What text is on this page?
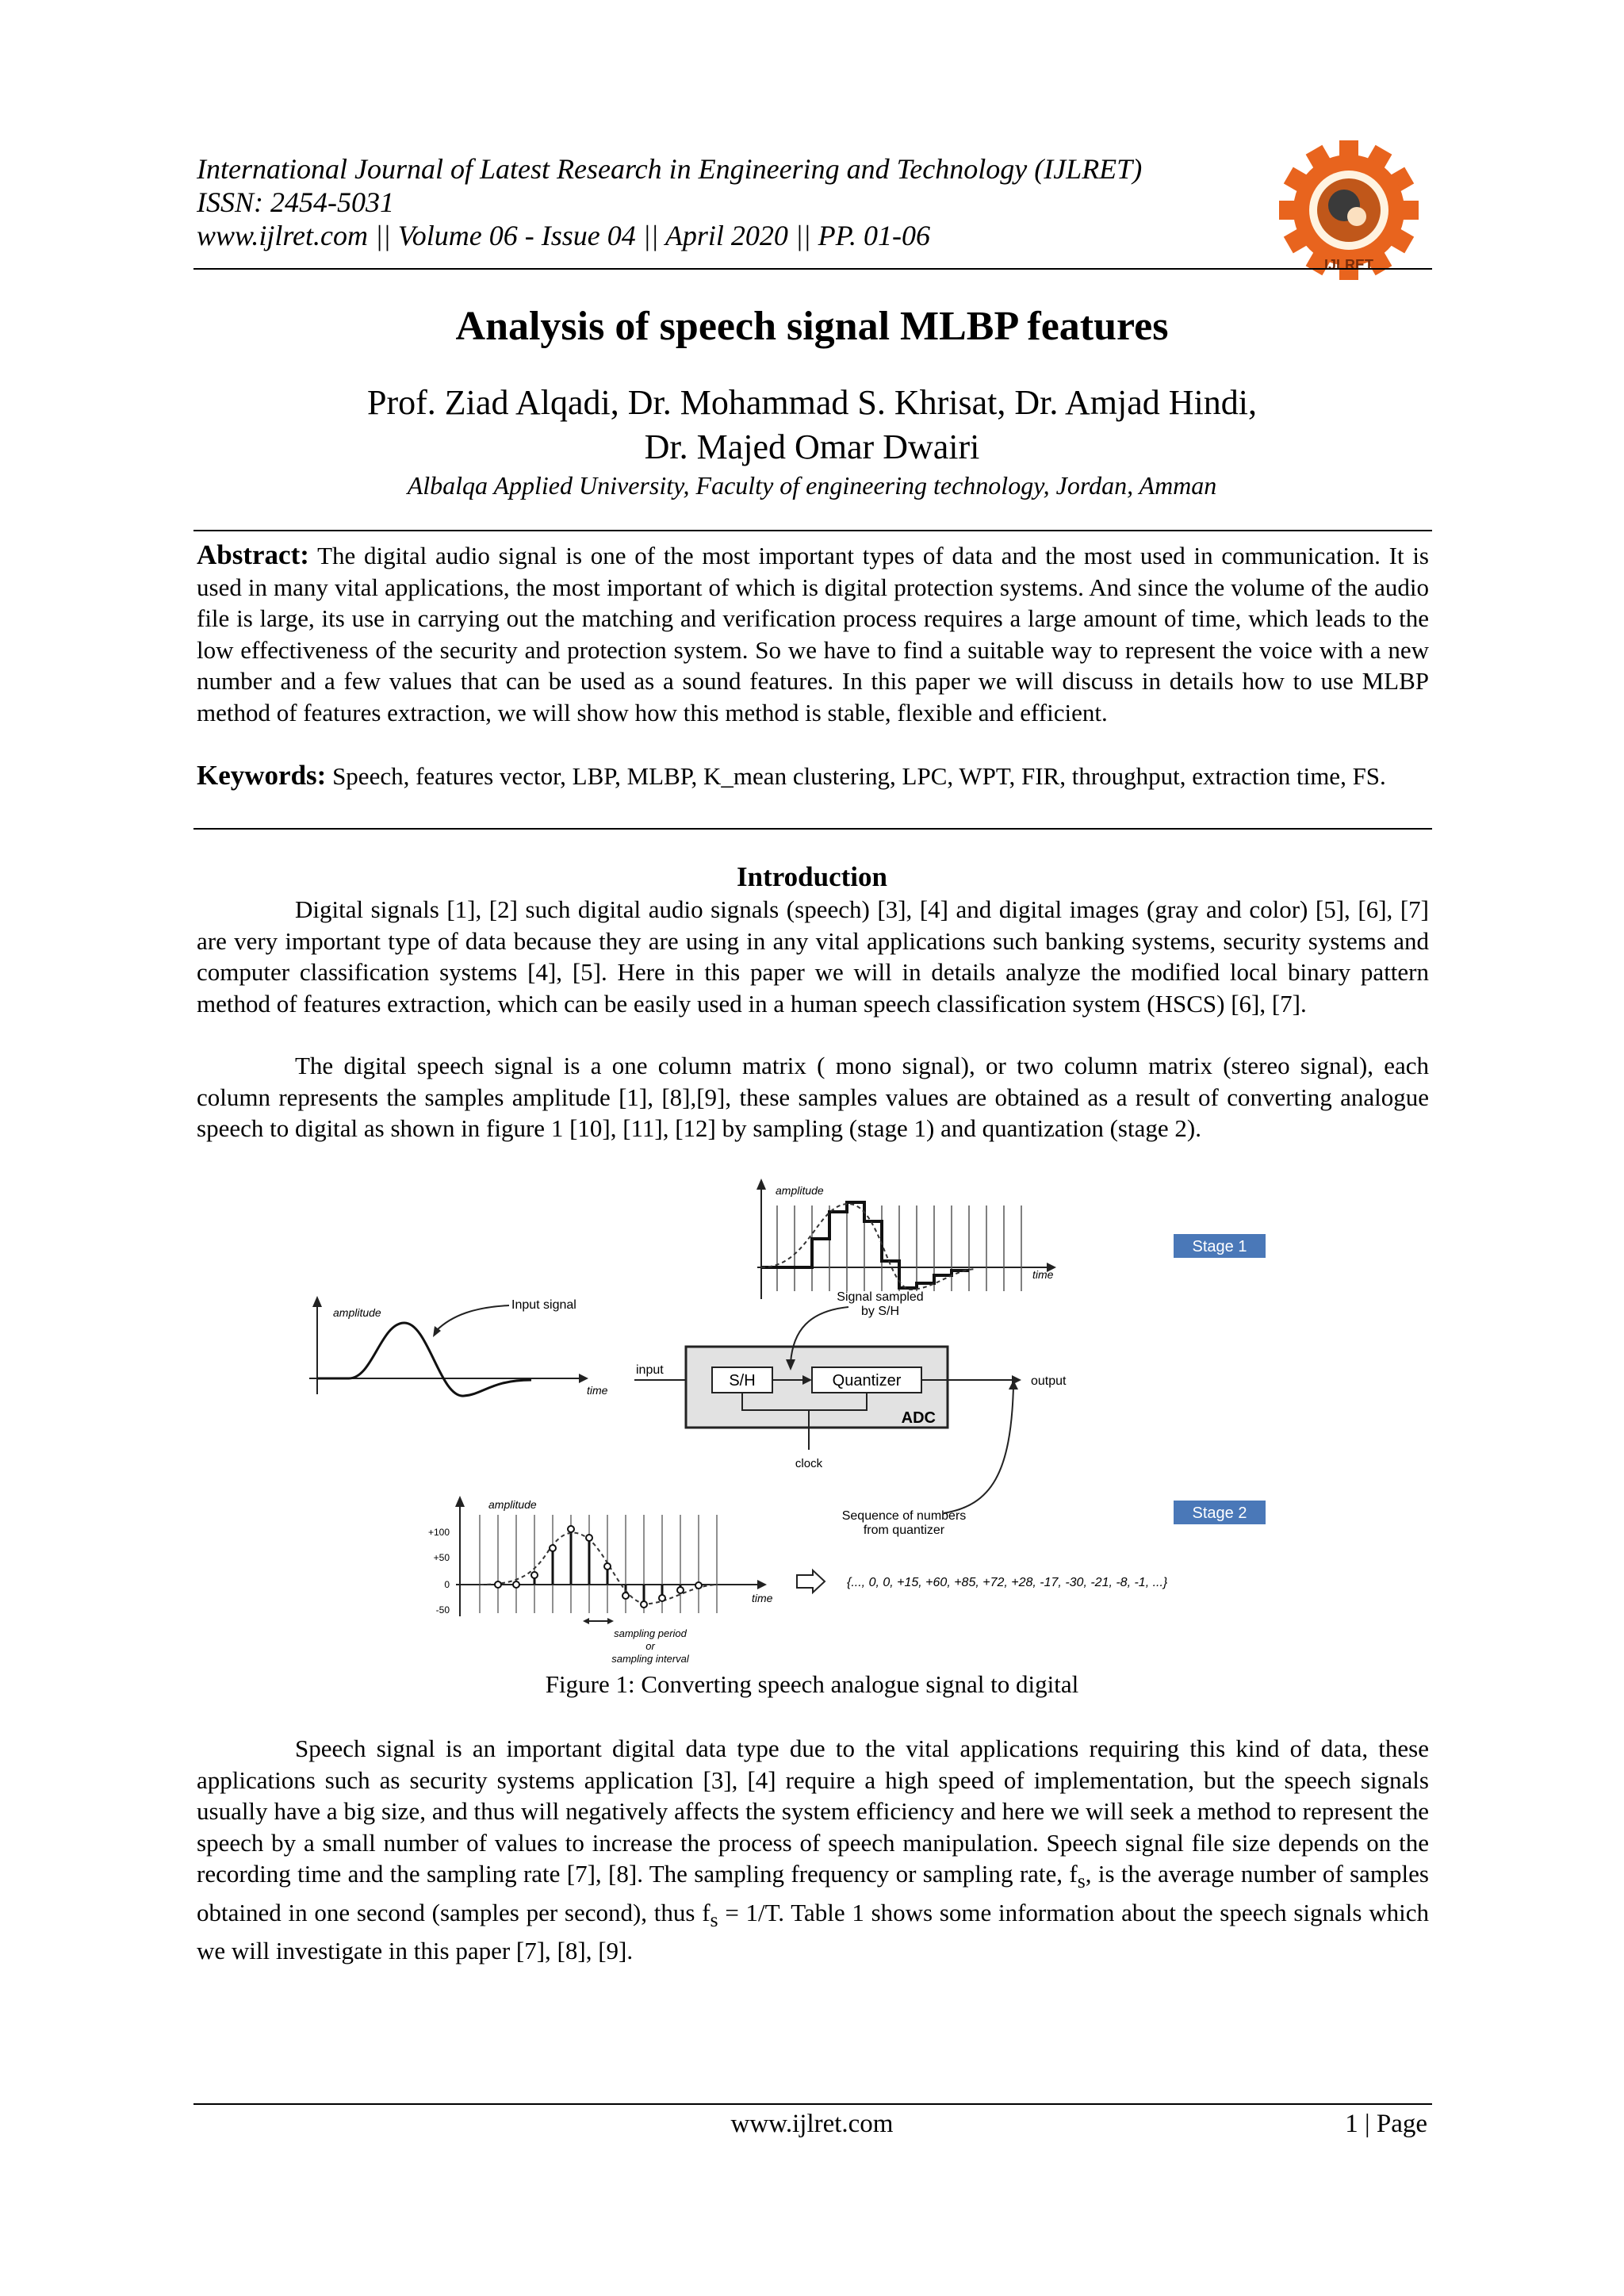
International Journal of Latest Research in Engineering and Technology (IJLRET)
ISSN: 2454-5031
www.ijlret.com || Volume 06 - Issue 04 || April 2020 || PP. 01-06
IJLRET
Analysis of speech signal MLBP features
Prof. Ziad Alqadi, Dr. Mohammad S. Khrisat, Dr. Amjad Hindi,
Dr. Majed Omar Dwairi
Albalqa Applied University, Faculty of engineering technology, Jordan, Amman
Abstract: The digital audio signal is one of the most important types of data and the most used in communication. It is used in many vital applications, the most important of which is digital protection systems. And since the volume of the audio file is large, its use in carrying out the matching and verification process requires a large amount of time, which leads to the low effectiveness of the security and protection system. So we have to find a suitable way to represent the voice with a new number and a few values that can be used as a sound features. In this paper we will discuss in details how to use MLBP method of features extraction, we will show how this method is stable, flexible and efficient.
Keywords: Speech, features vector, LBP, MLBP, K_mean clustering, LPC, WPT, FIR, throughput, extraction time, FS.
Introduction
Digital signals [1], [2] such digital audio signals (speech) [3], [4] and digital images (gray and color) [5], [6], [7] are very important type of data because they are using in any vital applications such banking systems, security systems and computer classification systems [4], [5]. Here in this paper we will in details analyze the modified local binary pattern method of features extraction, which can be easily used in a human speech classification system (HSCS) [6], [7].
The digital speech signal is a one column matrix ( mono signal), or two column matrix (stereo signal), each column represents the samples amplitude [1], [8],[9], these samples values are obtained as a result of converting analogue speech to digital as shown in figure 1 [10], [11], [12] by sampling (stage 1) and quantization (stage 2).
amplitude
time
Stage 1
amplitude
time
Input signal
input
S/H	Quantizer
ADC
output
clock
Signal sampled
by S/H
Sequence of numbers
from quantizer
Stage 2
+100
+50
0
-50
amplitude
time
sampling period
or
sampling interval
{..., 0, 0, +15, +60, +85, +72, +28, -17, -30, -21, -8, -1, ...}
Figure 1: Converting speech analogue signal to digital
Speech signal is an important digital data type due to the vital applications requiring this kind of data, these applications such as security systems application [3], [4] require a high speed of implementation, but the speech signals usually have a big size, and thus will negatively affects the system efficiency and here we will seek a method to represent the speech by a small number of values to increase the process of speech manipulation. Speech signal file size depends on the recording time and the sampling rate [7], [8]. The sampling frequency or sampling rate, $f_s$, is the average number of samples obtained in one second (samples per second), thus $f_s = 1/T$. Table 1 shows some information about the speech signals which we will investigate in this paper [7], [8], [9].
www.ijlret.com	1 | Page
